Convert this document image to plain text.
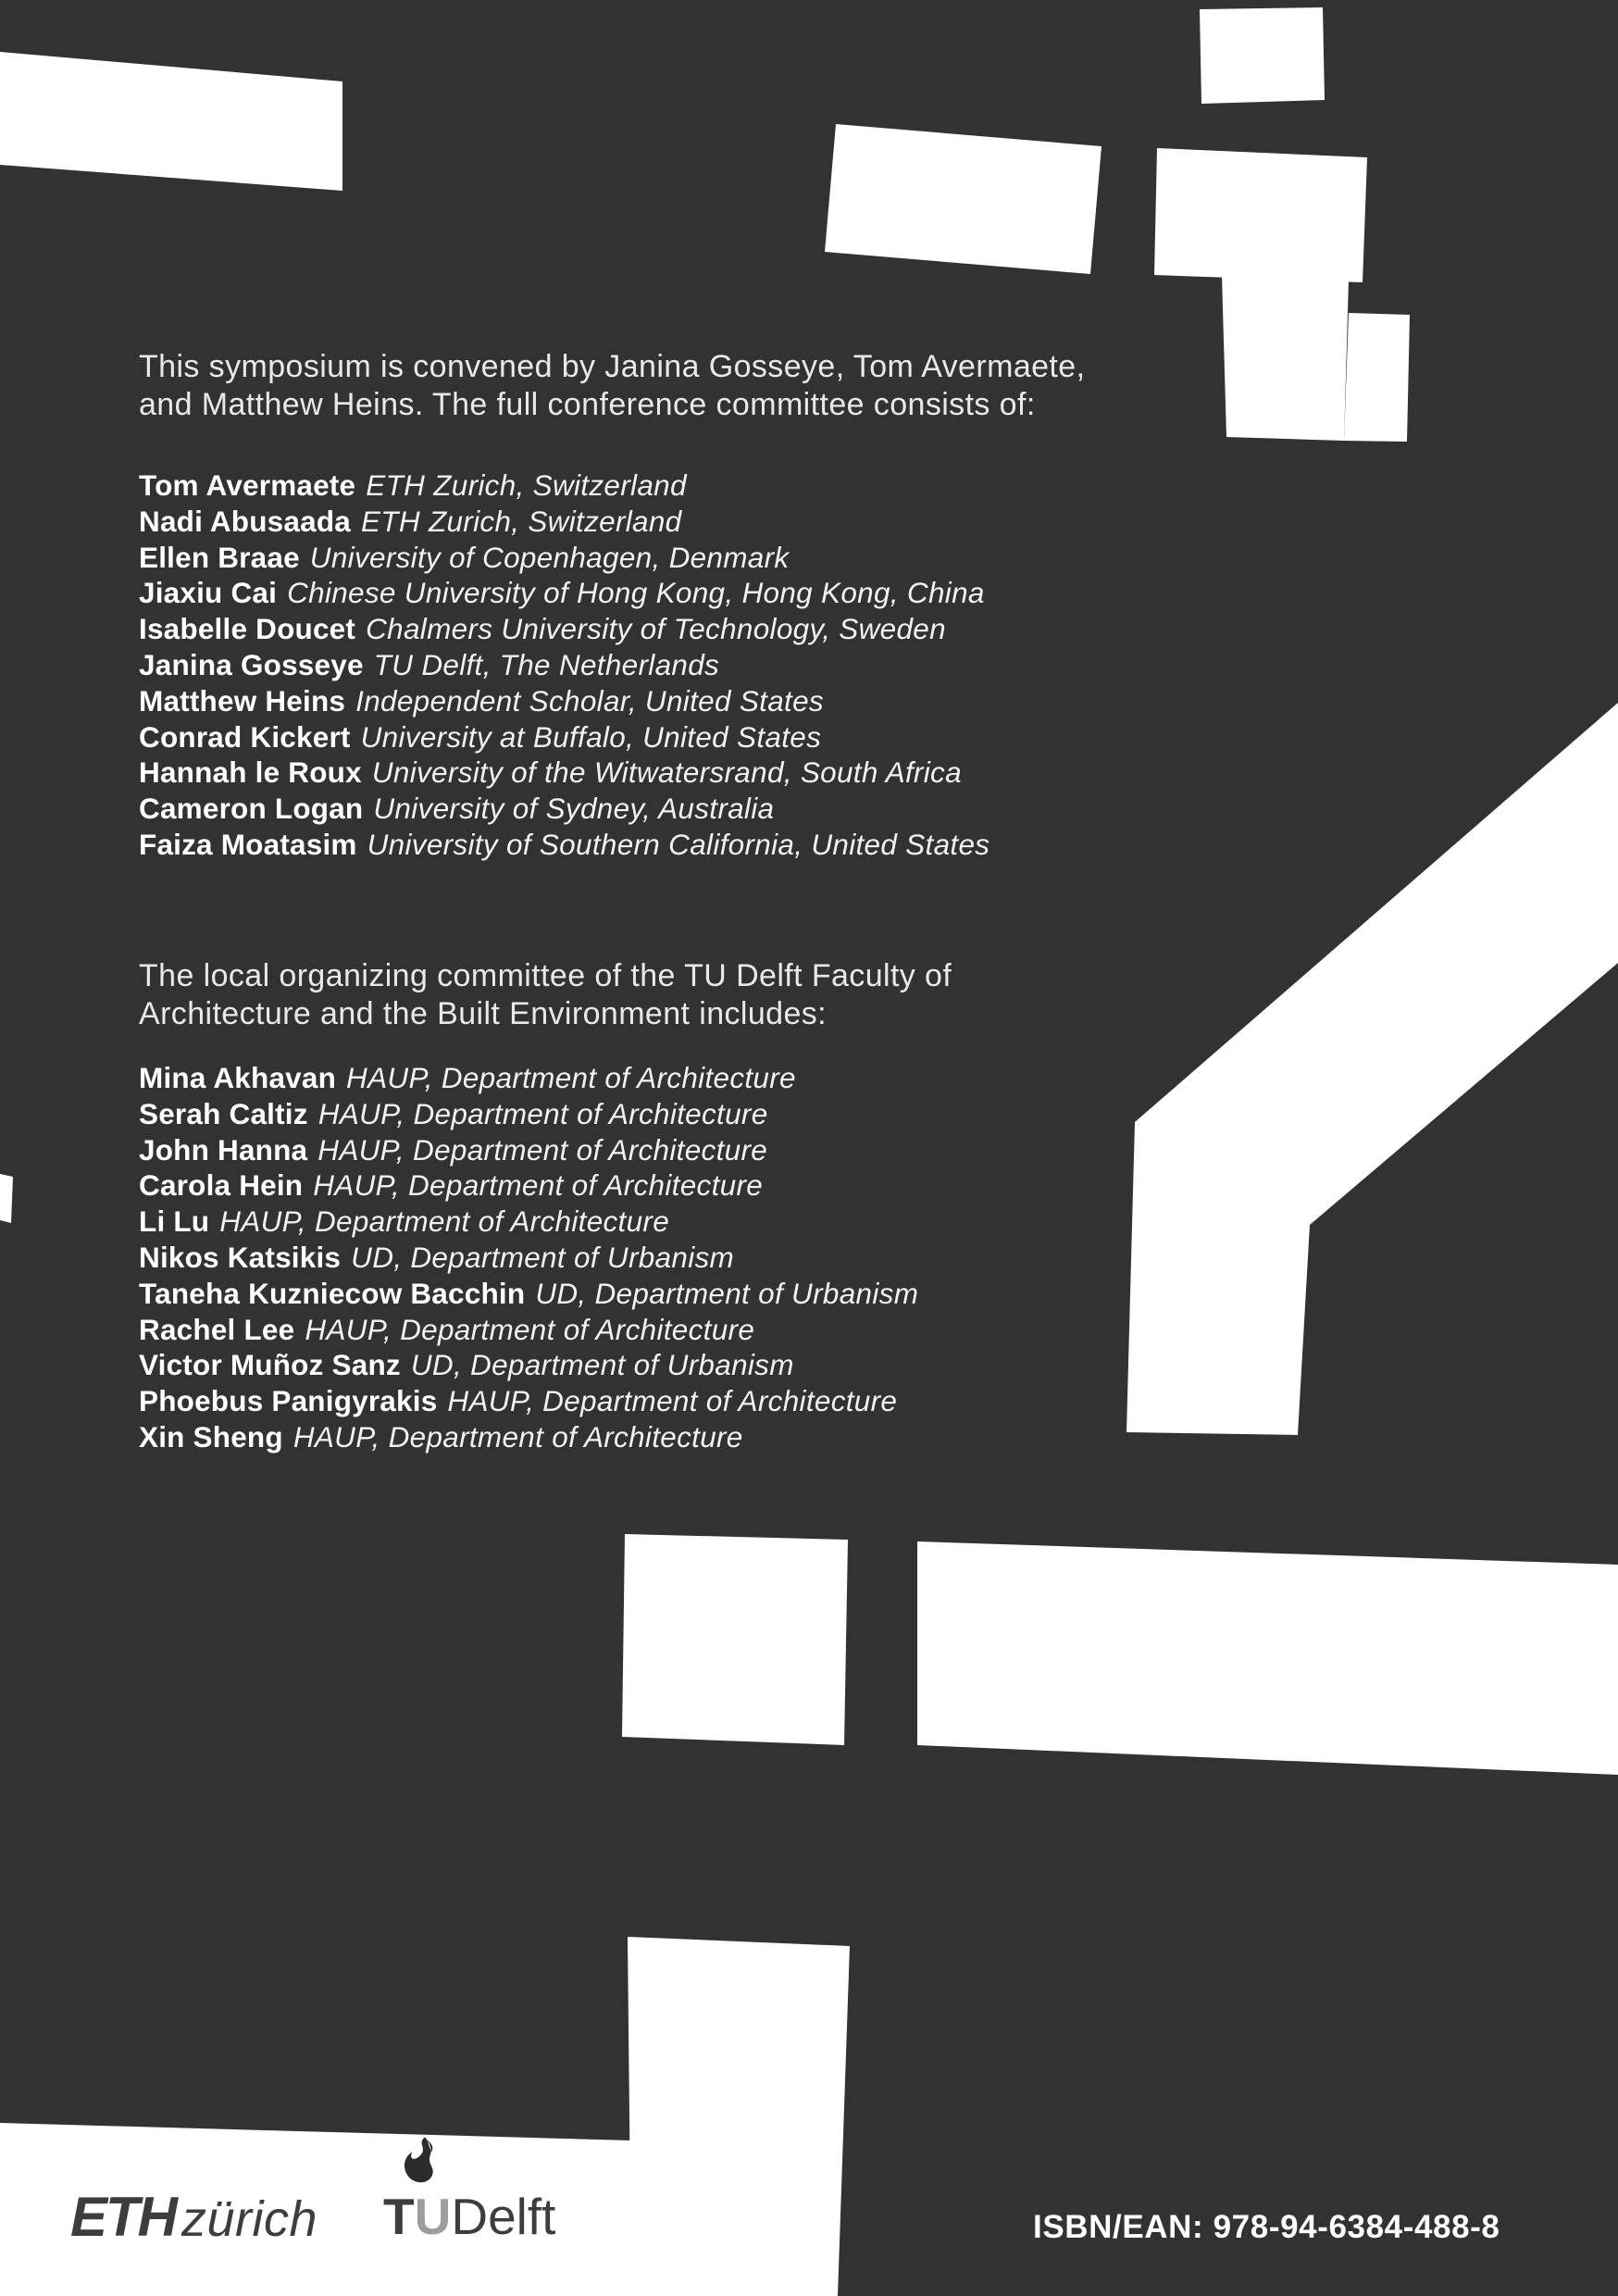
This symposium is convened by Janina Gosseye, Tom Avermaete,
and Matthew Heins. The full conference committee consists of:
Tom Avermaete ETH Zurich, Switzerland
Nadi Abusaada ETH Zurich, Switzerland
Ellen Braae University of Copenhagen, Denmark
Jiaxiu Cai Chinese University of Hong Kong, Hong Kong, China
Isabelle Doucet Chalmers University of Technology, Sweden
Janina Gosseye TU Delft, The Netherlands
Matthew Heins Independent Scholar, United States
Conrad Kickert University at Buffalo, United States
Hannah le Roux University of the Witwatersrand, South Africa
Cameron Logan University of Sydney, Australia
Faiza Moatasim University of Southern California, United States
The local organizing committee of the TU Delft Faculty of
Architecture and the Built Environment includes:
Mina Akhavan HAUP, Department of Architecture
Serah Caltiz HAUP, Department of Architecture
John Hanna HAUP, Department of Architecture
Carola Hein HAUP, Department of Architecture
Li Lu HAUP, Department of Architecture
Nikos Katsikis UD, Department of Urbanism
Taneha Kuzniecow Bacchin UD, Department of Urbanism
Rachel Lee HAUP, Department of Architecture
Victor Muñoz Sanz UD, Department of Urbanism
Phoebus Panigyrakis HAUP, Department of Architecture
Xin Sheng HAUP, Department of Architecture
ETH zürich TUDelft	ISBN/EAN: 978-94-6384-488-8
